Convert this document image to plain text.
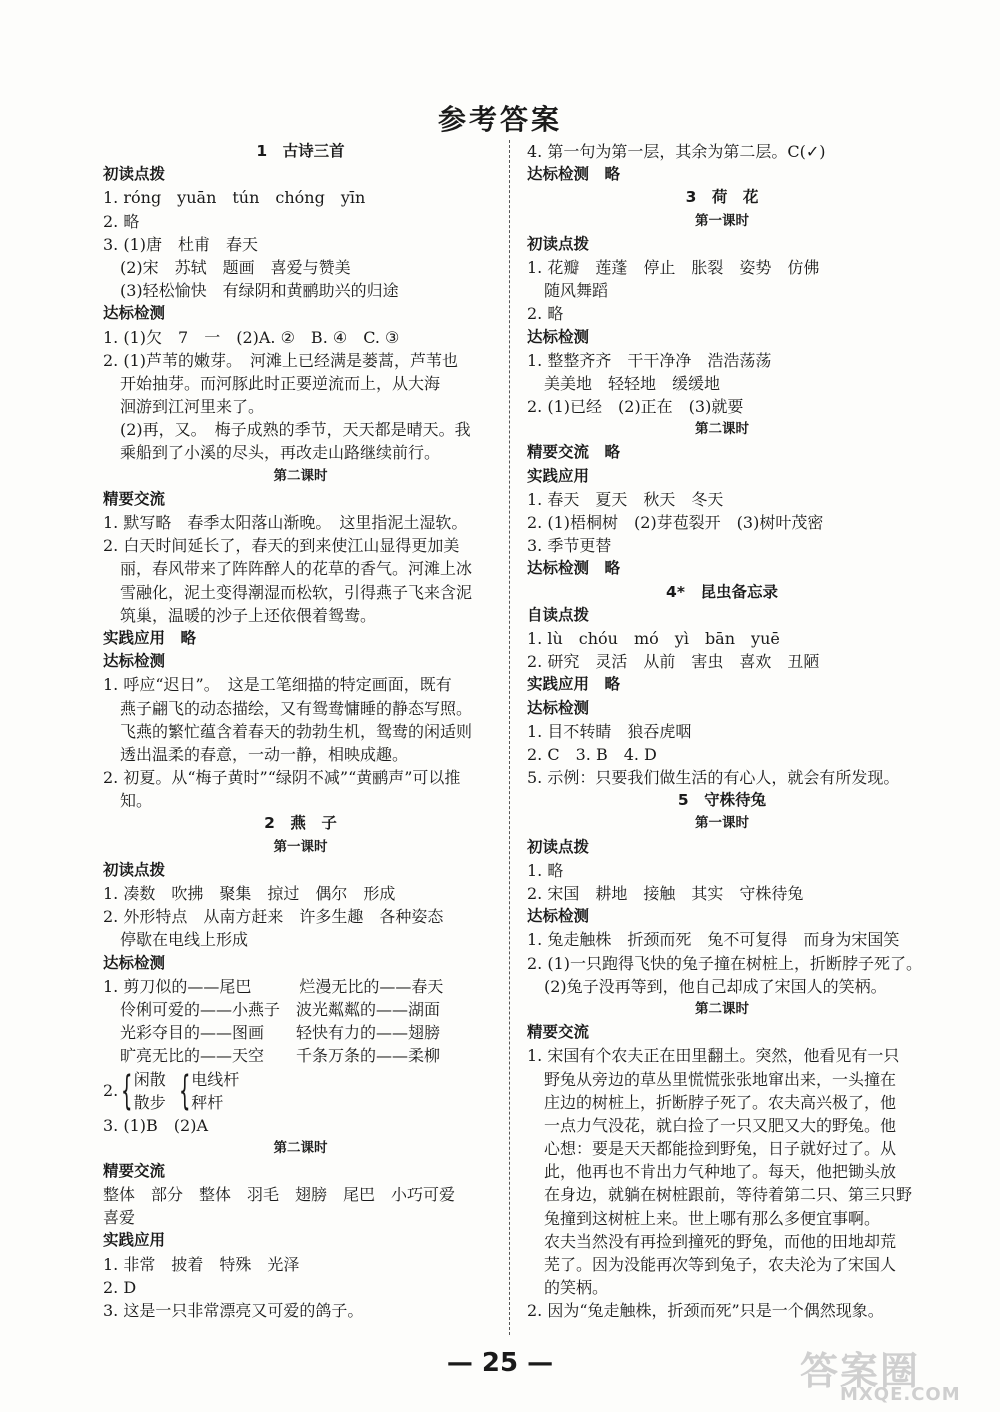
参考答案
1　古诗三首
初读点拨
1. róng　yuān　tún　chóng　yīn
2. 略
3. (1)唐　杜甫　春天
(2)宋　苏轼　题画　喜爱与赞美
(3)轻松愉快　有绿阴和黄鹂助兴的归途
达标检测
1. (1)欠　7　一　(2)A. ②　B. ④　C. ③
2. (1)芦苇的嫩芽。　河滩上已经满是蒌蒿，芦苇也
开始抽芽。而河豚此时正要逆流而上，从大海
洄游到江河里来了。
(2)再，又。　梅子成熟的季节，天天都是晴天。我
乘船到了小溪的尽头，再改走山路继续前行。
第二课时
精要交流
1. 默写略　春季太阳落山渐晚。　这里指泥土湿软。
2. 白天时间延长了，春天的到来使江山显得更加美
丽，春风带来了阵阵醉人的花草的香气。河滩上冰
雪融化，泥土变得潮湿而松软，引得燕子飞来含泥
筑巢，温暖的沙子上还依偎着鸳鸯。
实践应用　略
达标检测
1. 呼应“迟日”。　这是工笔细描的特定画面，既有
燕子翩飞的动态描绘，又有鸳鸯慵睡的静态写照。
飞燕的繁忙蕴含着春天的勃勃生机，鸳鸯的闲适则
透出温柔的春意，一动一静，相映成趣。
2. 初夏。从“梅子黄时”“绿阴不减”“黄鹂声”可以推
知。
2　燕　子
第一课时
初读点拨
1. 凑数　吹拂　聚集　掠过　偶尔　形成
2. 外形特点　从南方赶来　许多生趣　各种姿态
停歇在电线上形成
达标检测
1. 剪刀似的——尾巴　　　烂漫无比的——春天
伶俐可爱的——小燕子　波光粼粼的——湖面
光彩夺目的——图画　　轻快有力的——翅膀
旷亮无比的——天空　　千条万条的——柔柳
2. { 闲散
散步 { 电线杆
秤杆
3. (1)B　(2)A
第二课时
精要交流
整体　部分　整体　羽毛　翅膀　尾巴　小巧可爱
喜爱
实践应用
1. 非常　披着　特殊　光泽
2. D
3. 这是一只非常漂亮又可爱的鸽子。
4. 第一句为第一层，其余为第二层。C(✓)
达标检测　略
3　荷　花
第一课时
初读点拨
1. 花瓣　莲蓬　停止　胀裂　姿势　仿佛
随风舞蹈
2. 略
达标检测
1. 整整齐齐　干干净净　浩浩荡荡
美美地　轻轻地　缓缓地
2. (1)已经　(2)正在　(3)就要
第二课时
精要交流　略
实践应用
1. 春天　夏天　秋天　冬天
2. (1)梧桐树　(2)芽苞裂开　(3)树叶茂密
3. 季节更替
达标检测　略
4*　昆虫备忘录
自读点拨
1. lù　chóu　mó　yì　bān　yuē
2. 研究　灵活　从前　害虫　喜欢　丑陋
实践应用　略
达标检测
1. 目不转睛　狼吞虎咽
2. C　3. B　4. D
5. 示例：只要我们做生活的有心人，就会有所发现。
5　守株待兔
第一课时
初读点拨
1. 略
2. 宋国　耕地　接触　其实　守株待兔
达标检测
1. 兔走触株　折颈而死　兔不可复得　而身为宋国笑
2. (1)一只跑得飞快的兔子撞在树桩上，折断脖子死了。
(2)兔子没再等到，他自己却成了宋国人的笑柄。
第二课时
精要交流
1. 宋国有个农夫正在田里翻土。突然，他看见有一只
野兔从旁边的草丛里慌慌张张地窜出来，一头撞在
庄边的树桩上，折断脖子死了。农夫高兴极了，他
一点力气没花，就白捡了一只又肥又大的野兔。他
心想：要是天天都能捡到野兔，日子就好过了。从
此，他再也不肯出力气种地了。每天，他把锄头放
在身边，就躺在树桩跟前，等待着第二只、第三只野
兔撞到这树桩上来。世上哪有那么多便宜事啊。
农夫当然没有再捡到撞死的野兔，而他的田地却荒
芜了。因为没能再次等到兔子，农夫沦为了宋国人
的笑柄。
2. 因为“兔走触株，折颈而死”只是一个偶然现象。
— 25 —	答案圈
MXQE.COM
